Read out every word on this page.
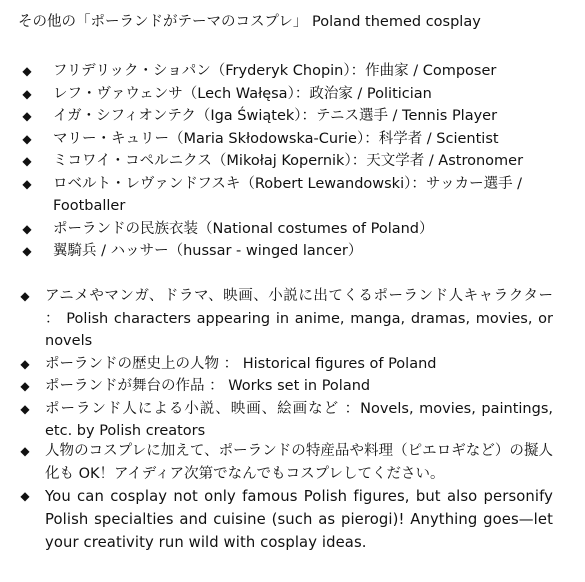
その他の「ポーランドがテーマのコスプレ」 Poland themed cosplay
◆ フリデリック・ショパン（Fryderyk Chopin）：作曲家 / Composer
◆ レフ・ヴァウェンサ（Lech Wałęsa）：政治家 / Politician
◆ イガ・シフィオンテク（Iga Świątek）：テニス選手 / Tennis Player
◆ マリー・キュリー（Maria Skłodowska-Curie）：科学者 / Scientist
◆ ミコワイ・コペルニクス（Mikołaj Kopernik）：天文学者 / Astronomer
◆ ロベルト・レヴァンドフスキ（Robert Lewandowski）：サッカー選手 / Footballer
◆ ポーランドの民族衣装（National costumes of Poland）
◆ 翼騎兵 / ハッサー（hussar - winged lancer）
◆ アニメやマンガ、ドラマ、映画、小説に出てくるポーランド人キャラクター ： Polish characters appearing in anime, manga, dramas, movies, or novels
◆ ポーランドの歴史上の人物 ： Historical figures of Poland
◆ ポーランドが舞台の作品 ： Works set in Poland
◆ ポーランド人による小説、映画、絵画など ：Novels, movies, paintings, etc. by Polish creators
◆ 人物のコスプレに加えて、ポーランドの特産品や料理（ピエロギなど）の擬人化も OK！アイディア次第でなんでもコスプレしてください。
◆ You can cosplay not only famous Polish figures, but also personify Polish specialties and cuisine (such as pierogi)! Anything goes—let your creativity run wild with cosplay ideas.
